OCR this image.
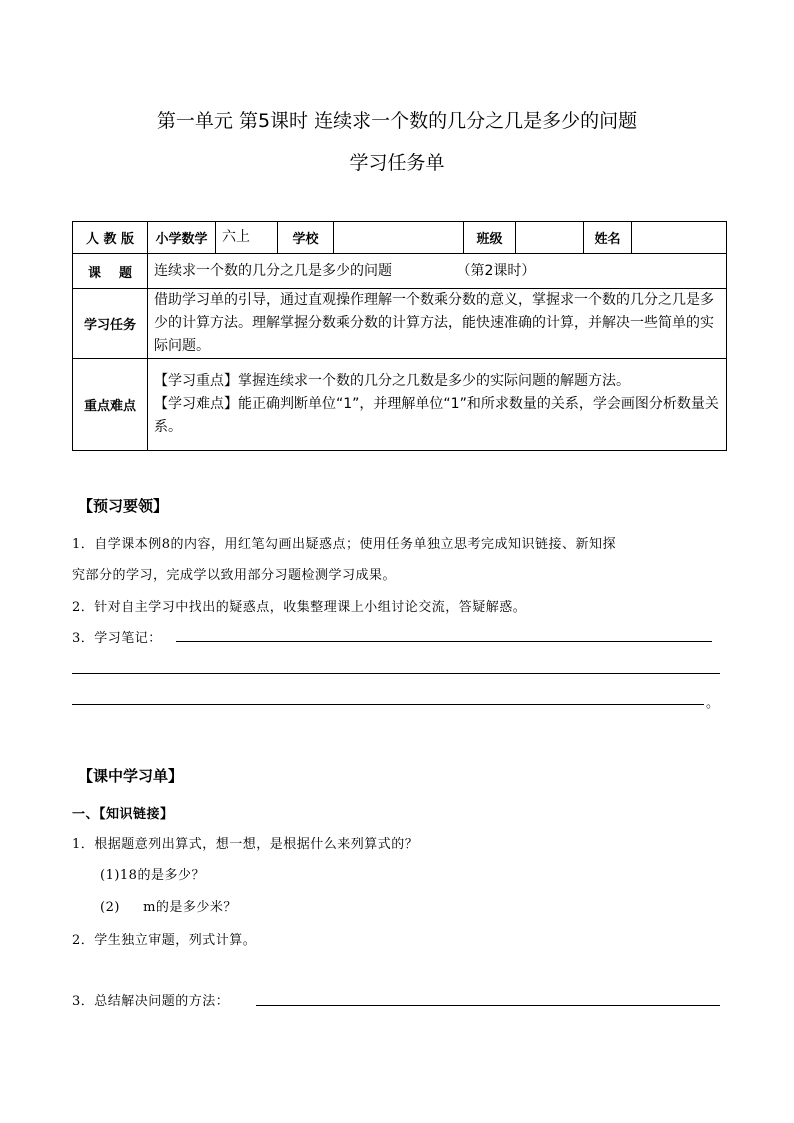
第一单元 第5课时 连续求一个数的几分之几是多少的问题
学习任务单
人 教 版	小学数学	六上	学校		班级		姓名	
课    题	连续求一个数的几分之几是多少的问题 （第2课时）							
学习任务	借助学习单的引导，通过直观操作理解一个数乘分数的意义，掌握求一个数的几分之几是多少的计算方法。理解掌握分数乘分数的计算方法，能快速准确的计算，并解决一些简单的实际问题。							
重点难点	【学习重点】掌握连续求一个数的几分之几数是多少的实际问题的解题方法。
【学习难点】能正确判断单位“1”，并理解单位“1”和所求数量的关系，学会画图分析数量关系。							
【预习要领】
1．自学课本例8的内容，用红笔勾画出疑惑点；使用任务单独立思考完成知识链接、新知探
究部分的学习，完成学以致用部分习题检测学习成果。
2．针对自主学习中找出的疑惑点，收集整理课上小组讨论交流，答疑解惑。
3．学习笔记：
。
【课中学习单】
一、【知识链接】
1．根据题意列出算式，想一想，是根据什么来列算式的？
(1)18的是多少？
(2)     m的是多少米？
2．学生独立审题，列式计算。
3．总结解决问题的方法：
